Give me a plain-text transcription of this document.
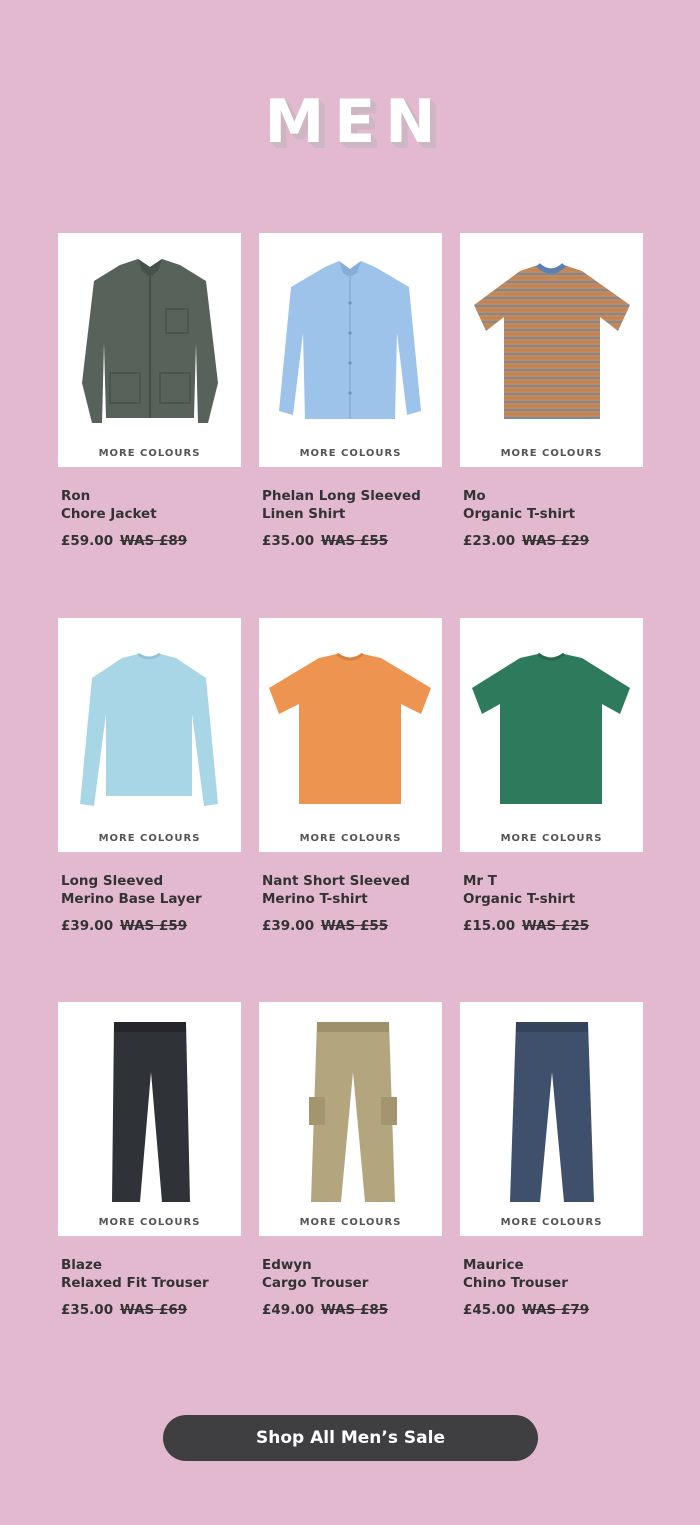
MEN
MORE COLOURS
Ron
Chore Jacket
£59.00 WAS £89
MORE COLOURS
Phelan Long Sleeved
Linen Shirt
£35.00 WAS £55
MORE COLOURS
Mo
Organic T-shirt
£23.00 WAS £29
MORE COLOURS
Long Sleeved
Merino Base Layer
£39.00 WAS £59
MORE COLOURS
Nant Short Sleeved
Merino T-shirt
£39.00 WAS £55
MORE COLOURS
Mr T
Organic T-shirt
£15.00 WAS £25
MORE COLOURS
Blaze
Relaxed Fit Trouser
£35.00 WAS £69
MORE COLOURS
Edwyn
Cargo Trouser
£49.00 WAS £85
MORE COLOURS
Maurice
Chino Trouser
£45.00 WAS £79
Shop All Men’s Sale
